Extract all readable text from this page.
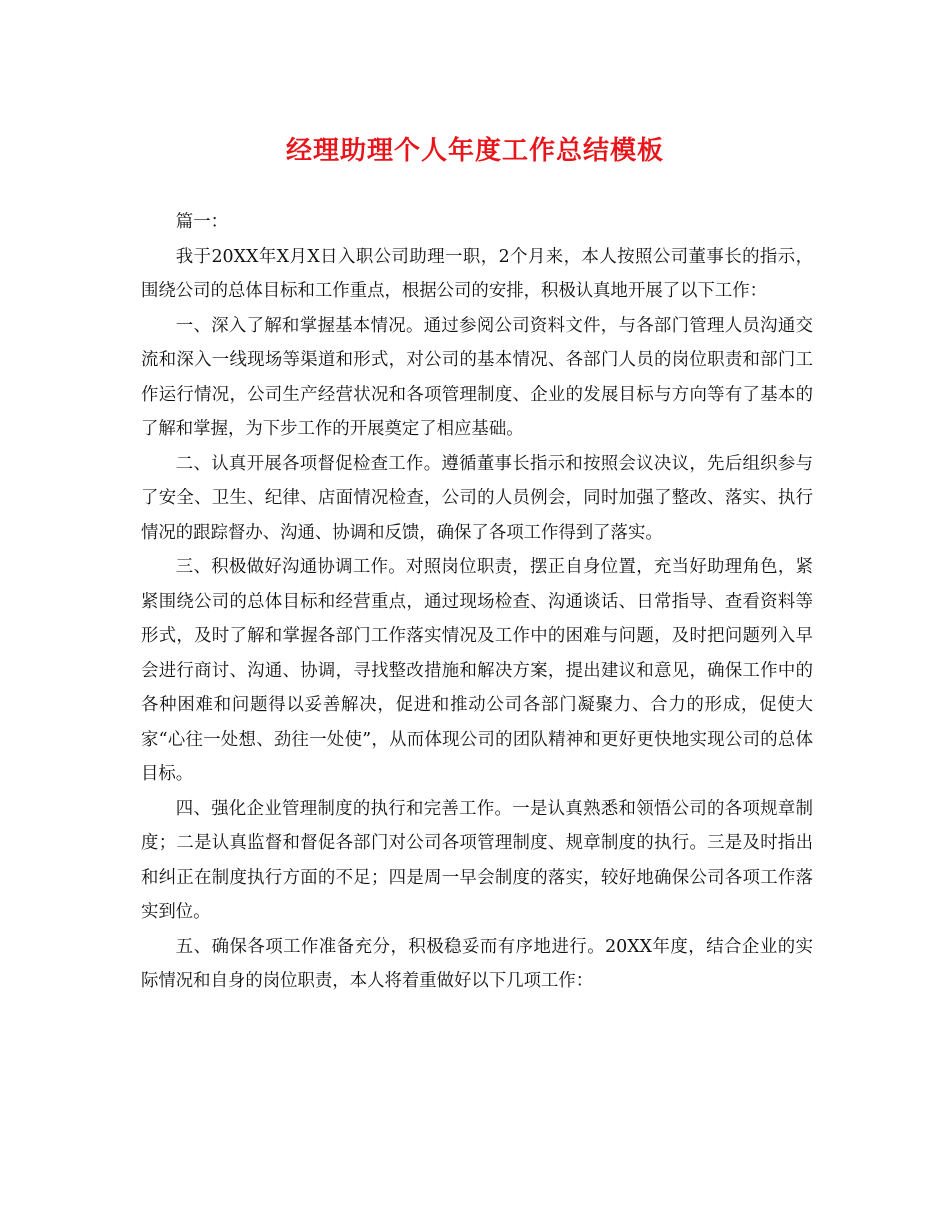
经理助理个人年度工作总结模板

篇一：

我于20XX年X月X日入职公司助理一职，2个月来，本人按照公司董事长的指示，围绕公司的总体目标和工作重点，根据公司的安排，积极认真地开展了以下工作：

一、深入了解和掌握基本情况。通过参阅公司资料文件，与各部门管理人员沟通交流和深入一线现场等渠道和形式，对公司的基本情况、各部门人员的岗位职责和部门工作运行情况，公司生产经营状况和各项管理制度、企业的发展目标与方向等有了基本的了解和掌握，为下步工作的开展奠定了相应基础。

二、认真开展各项督促检查工作。遵循董事长指示和按照会议决议，先后组织参与了安全、卫生、纪律、店面情况检查，公司的人员例会，同时加强了整改、落实、执行情况的跟踪督办、沟通、协调和反馈，确保了各项工作得到了落实。

三、积极做好沟通协调工作。对照岗位职责，摆正自身位置，充当好助理角色，紧紧围绕公司的总体目标和经营重点，通过现场检查、沟通谈话、日常指导、查看资料等形式，及时了解和掌握各部门工作落实情况及工作中的困难与问题，及时把问题列入早会进行商讨、沟通、协调，寻找整改措施和解决方案，提出建议和意见，确保工作中的各种困难和问题得以妥善解决，促进和推动公司各部门凝聚力、合力的形成，促使大家“心往一处想、劲往一处使”，从而体现公司的团队精神和更好更快地实现公司的总体目标。

四、强化企业管理制度的执行和完善工作。一是认真熟悉和领悟公司的各项规章制度；二是认真监督和督促各部门对公司各项管理制度、规章制度的执行。三是及时指出和纠正在制度执行方面的不足；四是周一早会制度的落实，较好地确保公司各项工作落实到位。

五、确保各项工作准备充分，积极稳妥而有序地进行。20XX年度，结合企业的实际情况和自身的岗位职责，本人将着重做好以下几项工作：
